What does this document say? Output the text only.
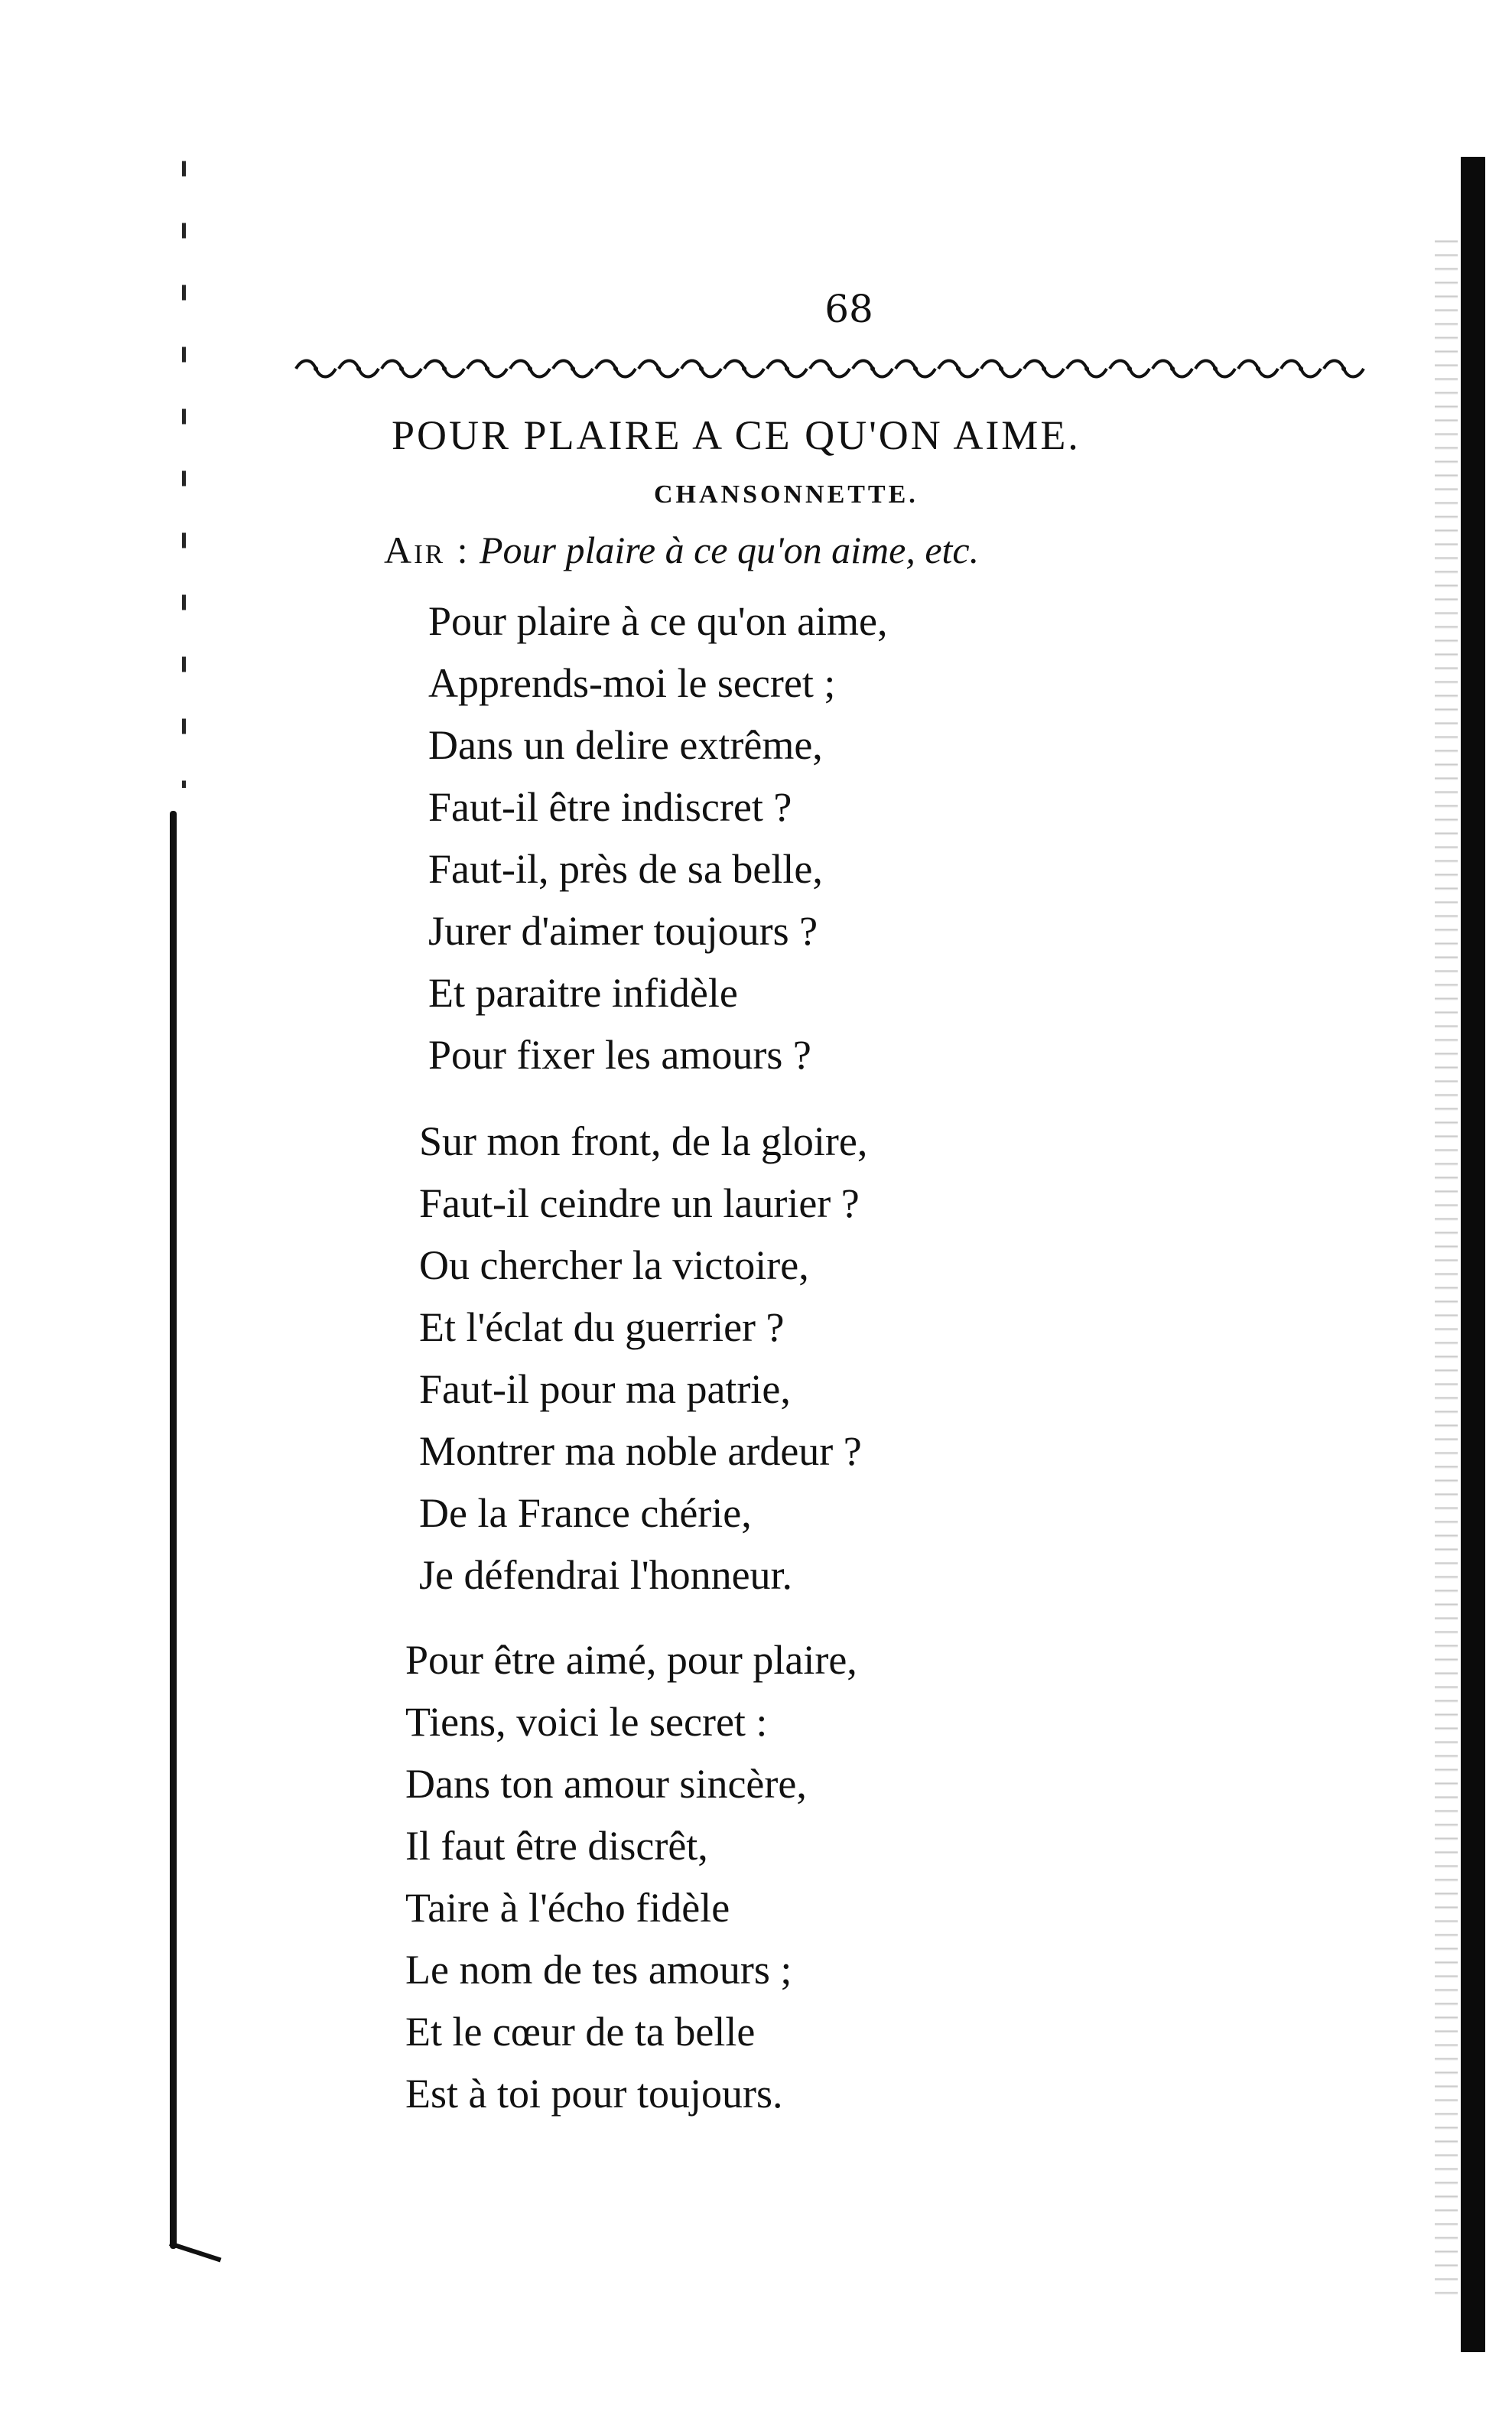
68
POUR PLAIRE A CE QU'ON AIME.
CHANSONNETTE.
Air : Pour plaire à ce qu'on aime, etc.
Pour plaire à ce qu'on aime,
Apprends-moi le secret ;
Dans un delire extrême,
Faut-il être indiscret ?
Faut-il, près de sa belle,
Jurer d'aimer toujours ?
Et paraitre infidèle
Pour fixer les amours ?
Sur mon front, de la gloire,
Faut-il ceindre un laurier ?
Ou chercher la victoire,
Et l'éclat du guerrier ?
Faut-il pour ma patrie,
Montrer ma noble ardeur ?
De la France chérie,
Je défendrai l'honneur.
Pour être aimé, pour plaire,
Tiens, voici le secret :
Dans ton amour sincère,
Il faut être discrêt,
Taire à l'écho fidèle
Le nom de tes amours ;
Et le cœur de ta belle
Est à toi pour toujours.
